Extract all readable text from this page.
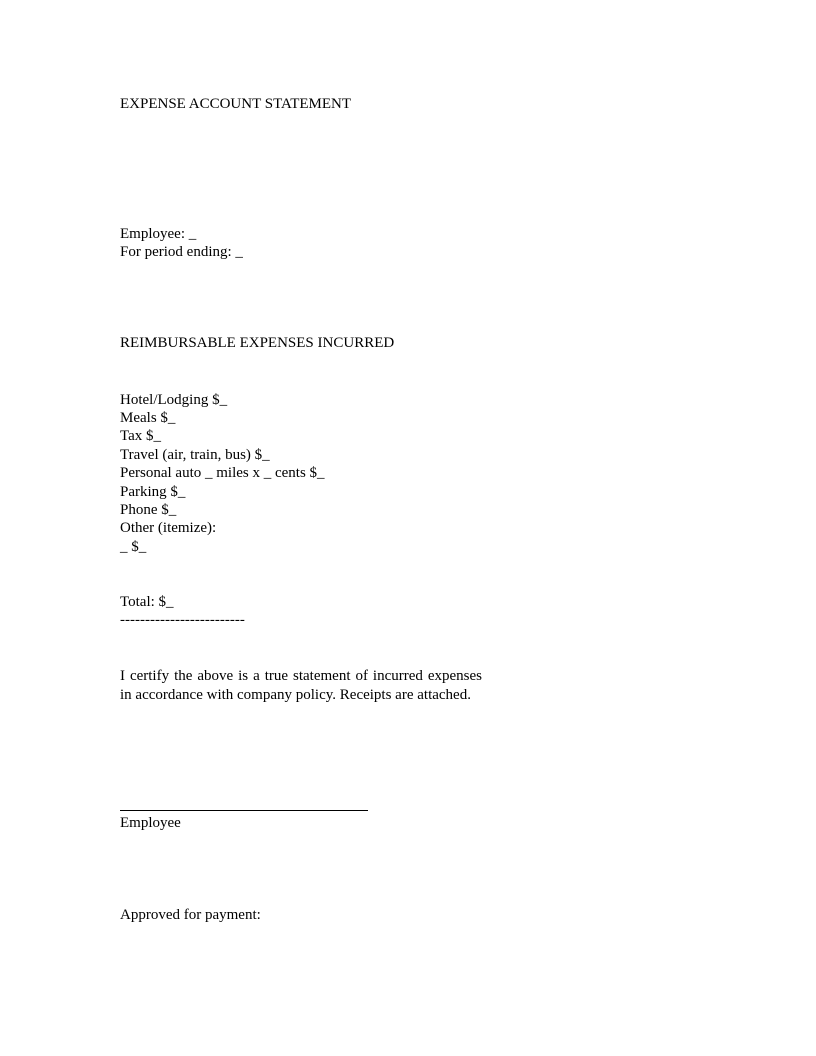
EXPENSE ACCOUNT STATEMENT

Employee: _

For period ending: _

REIMBURSABLE EXPENSES INCURRED

Hotel/Lodging $_

Meals $_

Tax $_

Travel (air, train, bus) $_

Personal auto _ miles x _ cents $_

Parking $_

Phone $_

Other (itemize):

_ $_

Total: $_

-------------------------

I certify the above is a true statement of incurred expenses in accordance with company policy. Receipts are attached.

Employee

Approved for payment:
